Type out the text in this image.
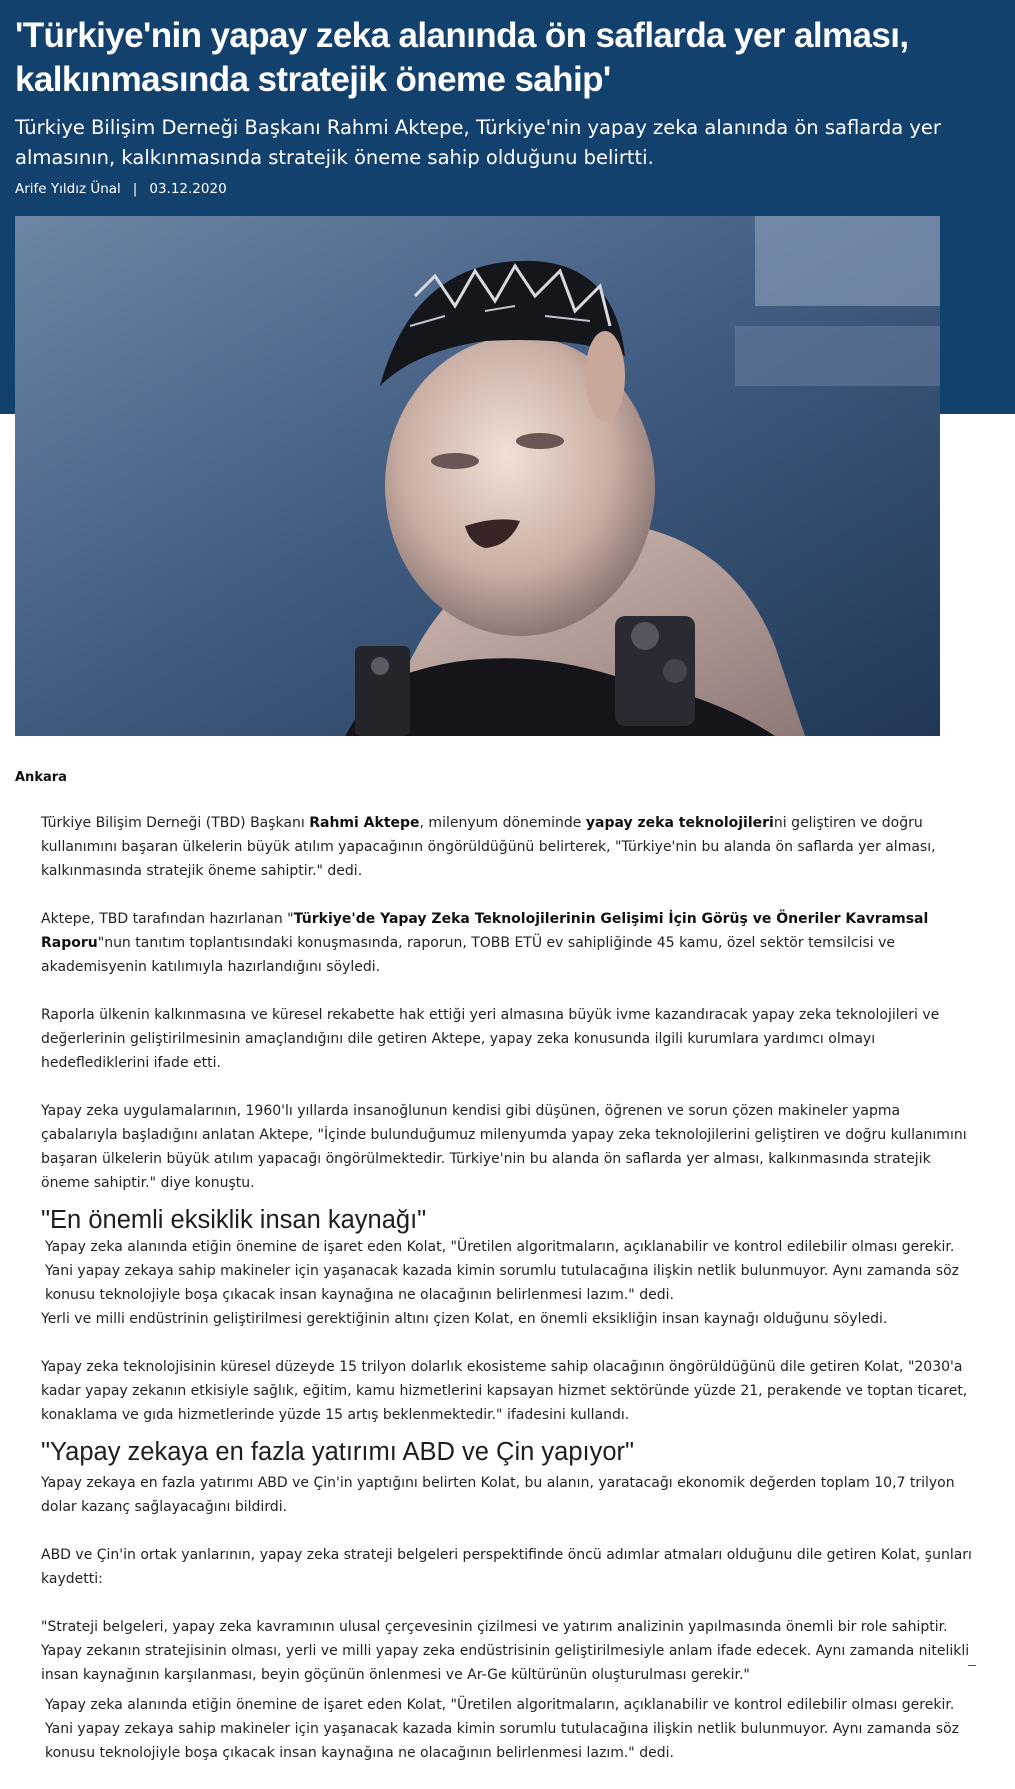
'Türkiye'nin yapay zeka alanında ön saflarda yer alması, kalkınmasında stratejik öneme sahip'

Türkiye Bilişim Derneği Başkanı Rahmi Aktepe, Türkiye'nin yapay zeka alanında ön saflarda yer almasının, kalkınmasında stratejik öneme sahip olduğunu belirtti.

Arife Yıldız Ünal | 03.12.2020

Ankara

Türkiye Bilişim Derneği (TBD) Başkanı Rahmi Aktepe, milenyum döneminde yapay zeka teknolojilerini geliştiren ve doğru kullanımını başaran ülkelerin büyük atılım yapacağının öngörüldüğünü belirterek, "Türkiye'nin bu alanda ön saflarda yer alması, kalkınmasında stratejik öneme sahiptir." dedi.

Aktepe, TBD tarafından hazırlanan "Türkiye'de Yapay Zeka Teknolojilerinin Gelişimi İçin Görüş ve Öneriler Kavramsal Raporu"nun tanıtım toplantısındaki konuşmasında, raporun, TOBB ETÜ ev sahipliğinde 45 kamu, özel sektör temsilcisi ve akademisyenin katılımıyla hazırlandığını söyledi.

Raporla ülkenin kalkınmasına ve küresel rekabette hak ettiği yeri almasına büyük ivme kazandıracak yapay zeka teknolojileri ve değerlerinin geliştirilmesinin amaçlandığını dile getiren Aktepe, yapay zeka konusunda ilgili kurumlara yardımcı olmayı hedeflediklerini ifade etti.

Yapay zeka uygulamalarının, 1960'lı yıllarda insanoğlunun kendisi gibi düşünen, öğrenen ve sorun çözen makineler yapma çabalarıyla başladığını anlatan Aktepe, "İçinde bulunduğumuz milenyumda yapay zeka teknolojilerini geliştiren ve doğru kullanımını başaran ülkelerin büyük atılım yapacağı öngörülmektedir. Türkiye'nin bu alanda ön saflarda yer alması, kalkınmasında stratejik öneme sahiptir." diye konuştu.

"En önemli eksiklik insan kaynağı"

Yapay zeka alanında etiğin önemine de işaret eden Kolat, "Üretilen algoritmaların, açıklanabilir ve kontrol edilebilir olması gerekir. Yani yapay zekaya sahip makineler için yaşanacak kazada kimin sorumlu tutulacağına ilişkin netlik bulunmuyor. Aynı zamanda söz konusu teknolojiyle boşa çıkacak insan kaynağına ne olacağının belirlenmesi lazım." dedi.

Yerli ve milli endüstrinin geliştirilmesi gerektiğinin altını çizen Kolat, en önemli eksikliğin insan kaynağı olduğunu söyledi.

Yapay zeka teknolojisinin küresel düzeyde 15 trilyon dolarlık ekosisteme sahip olacağının öngörüldüğünü dile getiren Kolat, "2030'a kadar yapay zekanın etkisiyle sağlık, eğitim, kamu hizmetlerini kapsayan hizmet sektöründe yüzde 21, perakende ve toptan ticaret, konaklama ve gıda hizmetlerinde yüzde 15 artış beklenmektedir." ifadesini kullandı.

"Yapay zekaya en fazla yatırımı ABD ve Çin yapıyor"

Yapay zekaya en fazla yatırımı ABD ve Çin'in yaptığını belirten Kolat, bu alanın, yaratacağı ekonomik değerden toplam 10,7 trilyon dolar kazanç sağlayacağını bildirdi.

ABD ve Çin'in ortak yanlarının, yapay zeka strateji belgeleri perspektifinde öncü adımlar atmaları olduğunu dile getiren Kolat, şunları kaydetti:

"Strateji belgeleri, yapay zeka kavramının ulusal çerçevesinin çizilmesi ve yatırım analizinin yapılmasında önemli bir role sahiptir. Yapay zekanın stratejisinin olması, yerli ve milli yapay zeka endüstrisinin geliştirilmesiyle anlam ifade edecek. Aynı zamanda nitelikli insan kaynağının karşılanması, beyin göçünün önlenmesi ve Ar-Ge kültürünün oluşturulması gerekir."

Yapay zeka alanında etiğin önemine de işaret eden Kolat, "Üretilen algoritmaların, açıklanabilir ve kontrol edilebilir olması gerekir. Yani yapay zekaya sahip makineler için yaşanacak kazada kimin sorumlu tutulacağına ilişkin netlik bulunmuyor. Aynı zamanda söz konusu teknolojiyle boşa çıkacak insan kaynağına ne olacağının belirlenmesi lazım." dedi.
